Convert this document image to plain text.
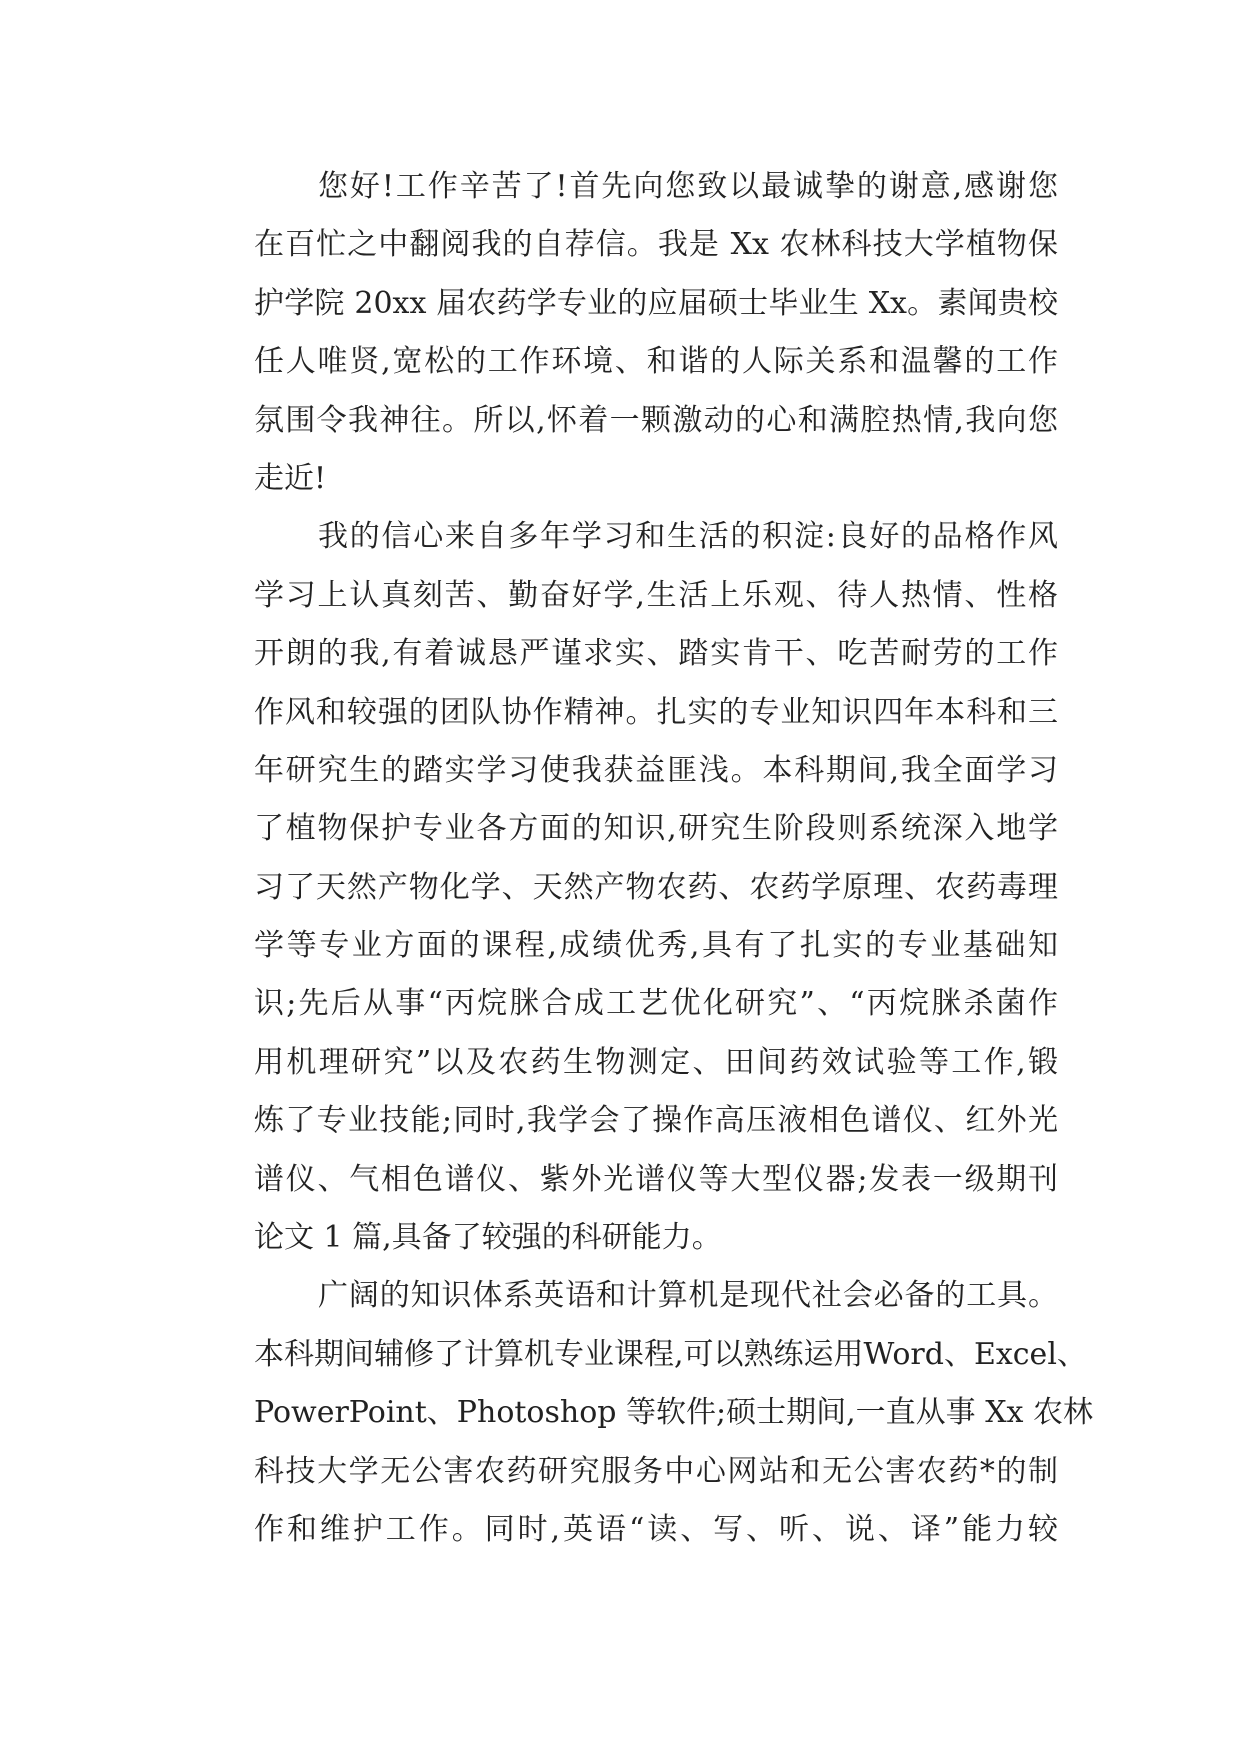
您好!工作辛苦了!首先向您致以最诚挚的谢意,感谢您
在百忙之中翻阅我的自荐信。我是 Xx 农林科技大学植物保
护学院 20xx 届农药学专业的应届硕士毕业生 Xx。素闻贵校
任人唯贤,宽松的工作环境、和谐的人际关系和温馨的工作
氛围令我神往。所以,怀着一颗激动的心和满腔热情,我向您
走近!
我的信心来自多年学习和生活的积淀:良好的品格作风
学习上认真刻苦、勤奋好学,生活上乐观、待人热情、性格
开朗的我,有着诚恳严谨求实、踏实肯干、吃苦耐劳的工作
作风和较强的团队协作精神。扎实的专业知识四年本科和三
年研究生的踏实学习使我获益匪浅。本科期间,我全面学习
了植物保护专业各方面的知识,研究生阶段则系统深入地学
习了天然产物化学、天然产物农药、农药学原理、农药毒理
学等专业方面的课程,成绩优秀,具有了扎实的专业基础知
识;先后从事“丙烷脒合成工艺优化研究”、“丙烷脒杀菌作
用机理研究”以及农药生物测定、田间药效试验等工作,锻
炼了专业技能;同时,我学会了操作高压液相色谱仪、红外光
谱仪、气相色谱仪、紫外光谱仪等大型仪器;发表一级期刊
论文 1 篇,具备了较强的科研能力。
广阔的知识体系英语和计算机是现代社会必备的工具。
本科期间辅修了计算机专业课程,可以熟练运用Word、Excel、
PowerPoint、Photoshop 等软件;硕士期间,一直从事 Xx 农林
科技大学无公害农药研究服务中心网站和无公害农药*的制
作和维护工作。同时,英语“读、写、听、说、译”能力较
